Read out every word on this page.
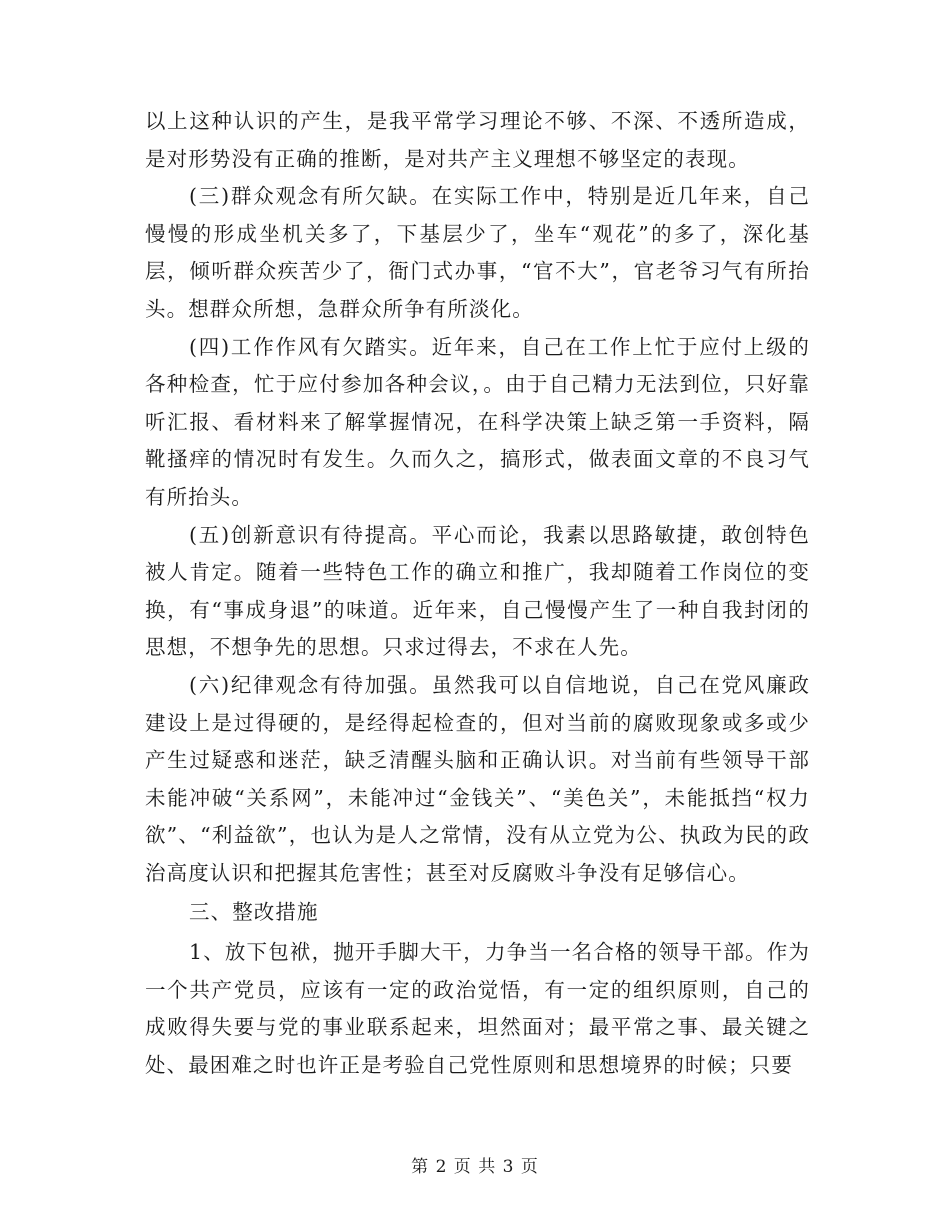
以上这种认识的产生，是我平常学习理论不够、不深、不透所造成，是对形势没有正确的推断，是对共产主义理想不够坚定的表现。

(三)群众观念有所欠缺。在实际工作中，特别是近几年来，自己慢慢的形成坐机关多了，下基层少了，坐车“观花”的多了，深化基层，倾听群众疾苦少了，衙门式办事，“官不大”，官老爷习气有所抬头。想群众所想，急群众所争有所淡化。

(四)工作作风有欠踏实。近年来，自己在工作上忙于应付上级的各种检查，忙于应付参加各种会议，。由于自己精力无法到位，只好靠听汇报、看材料来了解掌握情况，在科学决策上缺乏第一手资料，隔靴搔痒的情况时有发生。久而久之，搞形式，做表面文章的不良习气有所抬头。

(五)创新意识有待提高。平心而论，我素以思路敏捷，敢创特色被人肯定。随着一些特色工作的确立和推广，我却随着工作岗位的变换，有“事成身退”的味道。近年来，自己慢慢产生了一种自我封闭的思想，不想争先的思想。只求过得去，不求在人先。

(六)纪律观念有待加强。虽然我可以自信地说，自己在党风廉政建设上是过得硬的，是经得起检查的，但对当前的腐败现象或多或少产生过疑惑和迷茫，缺乏清醒头脑和正确认识。对当前有些领导干部未能冲破“关系网”，未能冲过“金钱关”、“美色关”，未能抵挡“权力欲”、“利益欲”，也认为是人之常情，没有从立党为公、执政为民的政治高度认识和把握其危害性；甚至对反腐败斗争没有足够信心。

三、整改措施

1、放下包袱，抛开手脚大干，力争当一名合格的领导干部。作为一个共产党员，应该有一定的政治觉悟，有一定的组织原则，自己的成败得失要与党的事业联系起来，坦然面对；最平常之事、最关键之处、最困难之时也许正是考验自己党性原则和思想境界的时候；只要

第 2 页 共 3 页
